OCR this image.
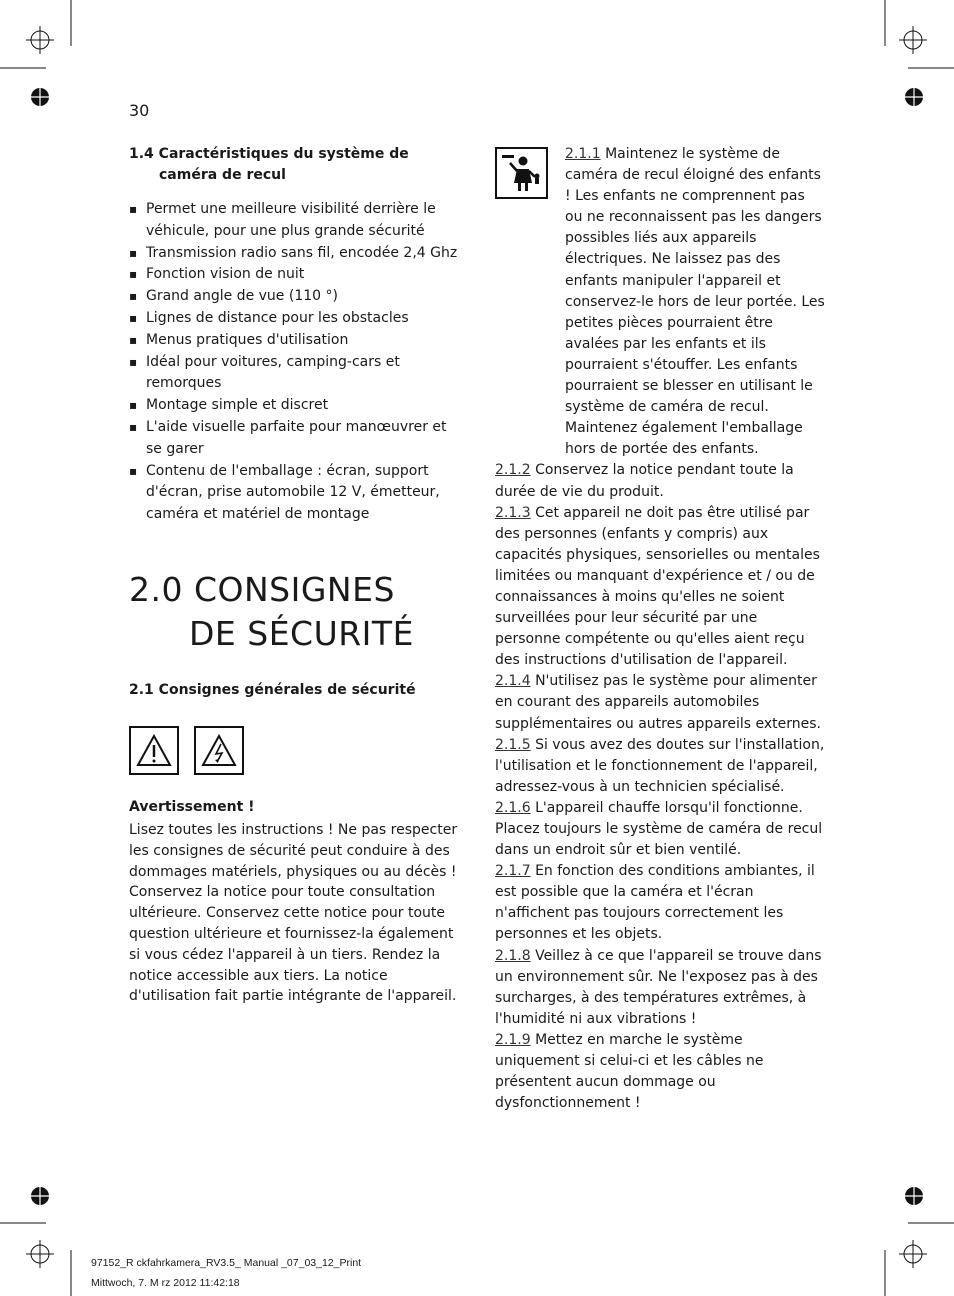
30
1.4 Caractéristiques du système de
caméra de recul
▪ Permet une meilleure visibilité derrière le véhicule, pour une plus grande sécurité
▪ Transmission radio sans fil, encodée 2,4 Ghz
▪ Fonction vision de nuit
▪ Grand angle de vue (110 °)
▪ Lignes de distance pour les obstacles
▪ Menus pratiques d'utilisation
▪ Idéal pour voitures, camping-cars et remorques
▪ Montage simple et discret
▪ L'aide visuelle parfaite pour manœuvrer et se garer
▪ Contenu de l'emballage : écran, support d'écran, prise automobile 12 V, émetteur, caméra et matériel de montage
2.0 CONSIGNES
DE SÉCURITÉ
2.1 Consignes générales de sécurité
Avertissement !
Lisez toutes les instructions ! Ne pas respecter les consignes de sécurité peut conduire à des dommages matériels, physiques ou au décès ! Conservez la notice pour toute consultation ultérieure. Conservez cette notice pour toute question ultérieure et fournissez-la également si vous cédez l'appareil à un tiers. Rendez la notice accessible aux tiers. La notice d'utilisation fait partie intégrante de l'appareil.

2.1.1 Maintenez le système de caméra de recul éloigné des enfants ! Les enfants ne comprennent pas ou ne reconnaissent pas les dangers possibles liés aux appareils électriques. Ne laissez pas des enfants manipuler l'appareil et conservez-le hors de leur portée. Les petites pièces pourraient être avalées par les enfants et ils pourraient s'étouffer. Les enfants pourraient se blesser en utilisant le système de caméra de recul. Maintenez également l'emballage hors de portée des enfants.

2.1.2 Conservez la notice pendant toute la durée de vie du produit.

2.1.3 Cet appareil ne doit pas être utilisé par des personnes (enfants y compris) aux capacités physiques, sensorielles ou mentales limitées ou manquant d'expérience et / ou de connaissances à moins qu'elles ne soient surveillées pour leur sécurité par une personne compétente ou qu'elles aient reçu des instructions d'utilisation de l'appareil.

2.1.4 N'utilisez pas le système pour alimenter en courant des appareils automobiles supplémentaires ou autres appareils externes.

2.1.5 Si vous avez des doutes sur l'installation, l'utilisation et le fonctionnement de l'appareil, adressez-vous à un technicien spécialisé.

2.1.6 L'appareil chauffe lorsqu'il fonctionne. Placez toujours le système de caméra de recul dans un endroit sûr et bien ventilé.

2.1.7 En fonction des conditions ambiantes, il est possible que la caméra et l'écran n'affichent pas toujours correctement les personnes et les objets.

2.1.8 Veillez à ce que l'appareil se trouve dans un environnement sûr. Ne l'exposez pas à des surcharges, à des températures extrêmes, à l'humidité ni aux vibrations !

2.1.9 Mettez en marche le système uniquement si celui-ci et les câbles ne présentent aucun dommage ou dysfonctionnement !

97152_R ckfahrkamera_RV3.5_ Manual _07_03_12_Print
Mittwoch, 7. M rz 2012 11:42:18
